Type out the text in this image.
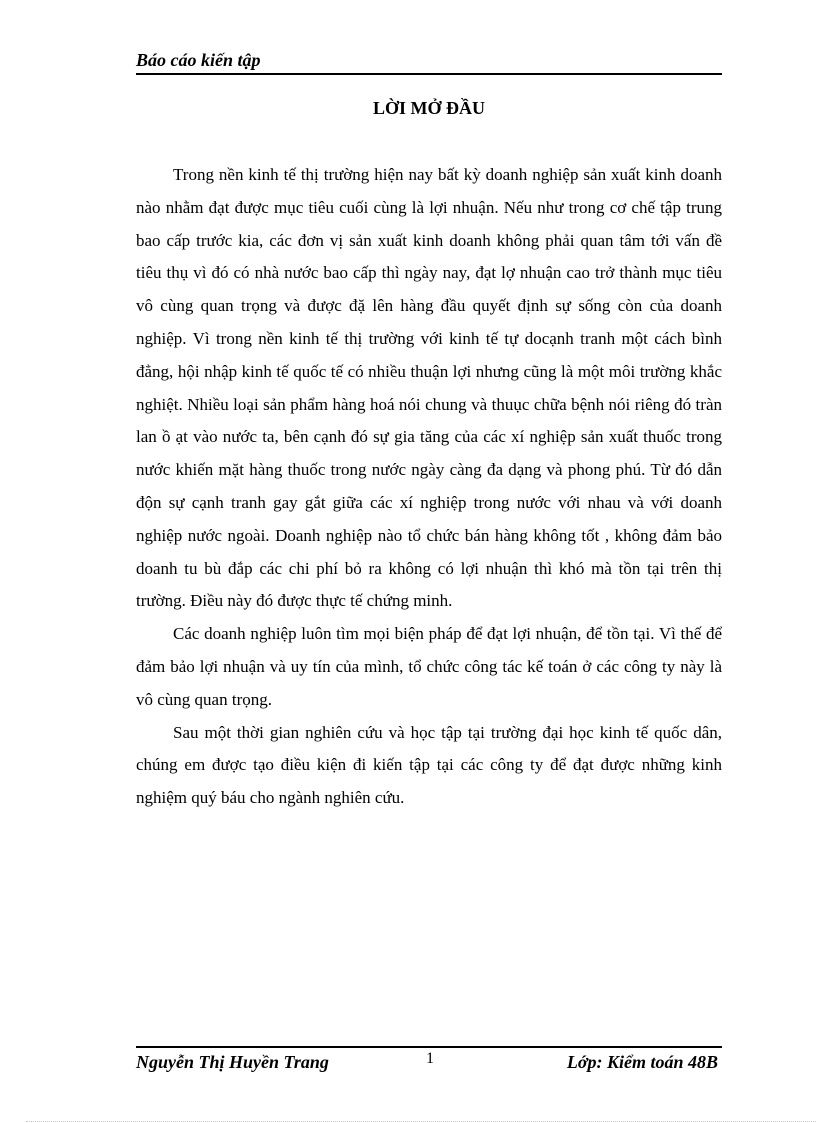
Báo cáo kiến tập
LỜI MỞ ĐẦU

Trong nền kinh tế thị trường hiện nay bất kỳ doanh nghiệp sản xuất kinh doanh nào nhằm đạt được mục tiêu cuối cùng là lợi nhuận. Nếu như trong cơ chế tập trung bao cấp trước kia, các đơn vị sản xuất kinh doanh không phải quan tâm tới vấn đề tiêu thụ vì đó có nhà nước bao cấp thì ngày nay, đạt lợ nhuận cao trở thành mục tiêu vô cùng quan trọng và được đặ lên hàng đầu quyết định sự sống còn của doanh nghiệp. Vì trong nền kinh tế thị trường với kinh tế tự docạnh tranh một cách bình đẳng, hội nhập kinh tế quốc tế có nhiều thuận lợi nhưng cũng là một môi trường khắc nghiệt. Nhiều loại sản phẩm hàng hoá nói chung và thuục chữa bệnh nói riêng đó tràn lan ồ ạt vào nước ta, bên cạnh đó sự gia tăng của các xí nghiệp sản xuất thuốc trong nước khiến mặt hàng thuốc trong nước ngày càng đa dạng và phong phú. Từ đó dẫn độn sự cạnh tranh gay gắt giữa các xí nghiệp trong nước với nhau và với doanh nghiệp nước ngoài. Doanh nghiệp nào tổ chức bán hàng không tốt , không đảm bảo doanh tu bù đắp các chi phí bỏ ra không có lợi nhuận thì khó mà tồn tại trên thị trường. Điều này đó được thực tế chứng minh.

Các doanh nghiệp luôn tìm mọi biện pháp để đạt lợi nhuận, để tồn tại. Vì thế để đảm bảo lợi nhuận và uy tín của mình, tổ chức công tác kế toán ở các công ty này là vô cùng quan trọng.

Sau một thời gian nghiên cứu và học tập tại trường đại học kinh tế quốc dân, chúng em được tạo điều kiện đi kiến tập tại các công ty để đạt được những kinh nghiệm quý báu cho ngành nghiên cứu.

Nguyễn Thị Huyền Trang	1	Lớp: Kiểm toán 48B
